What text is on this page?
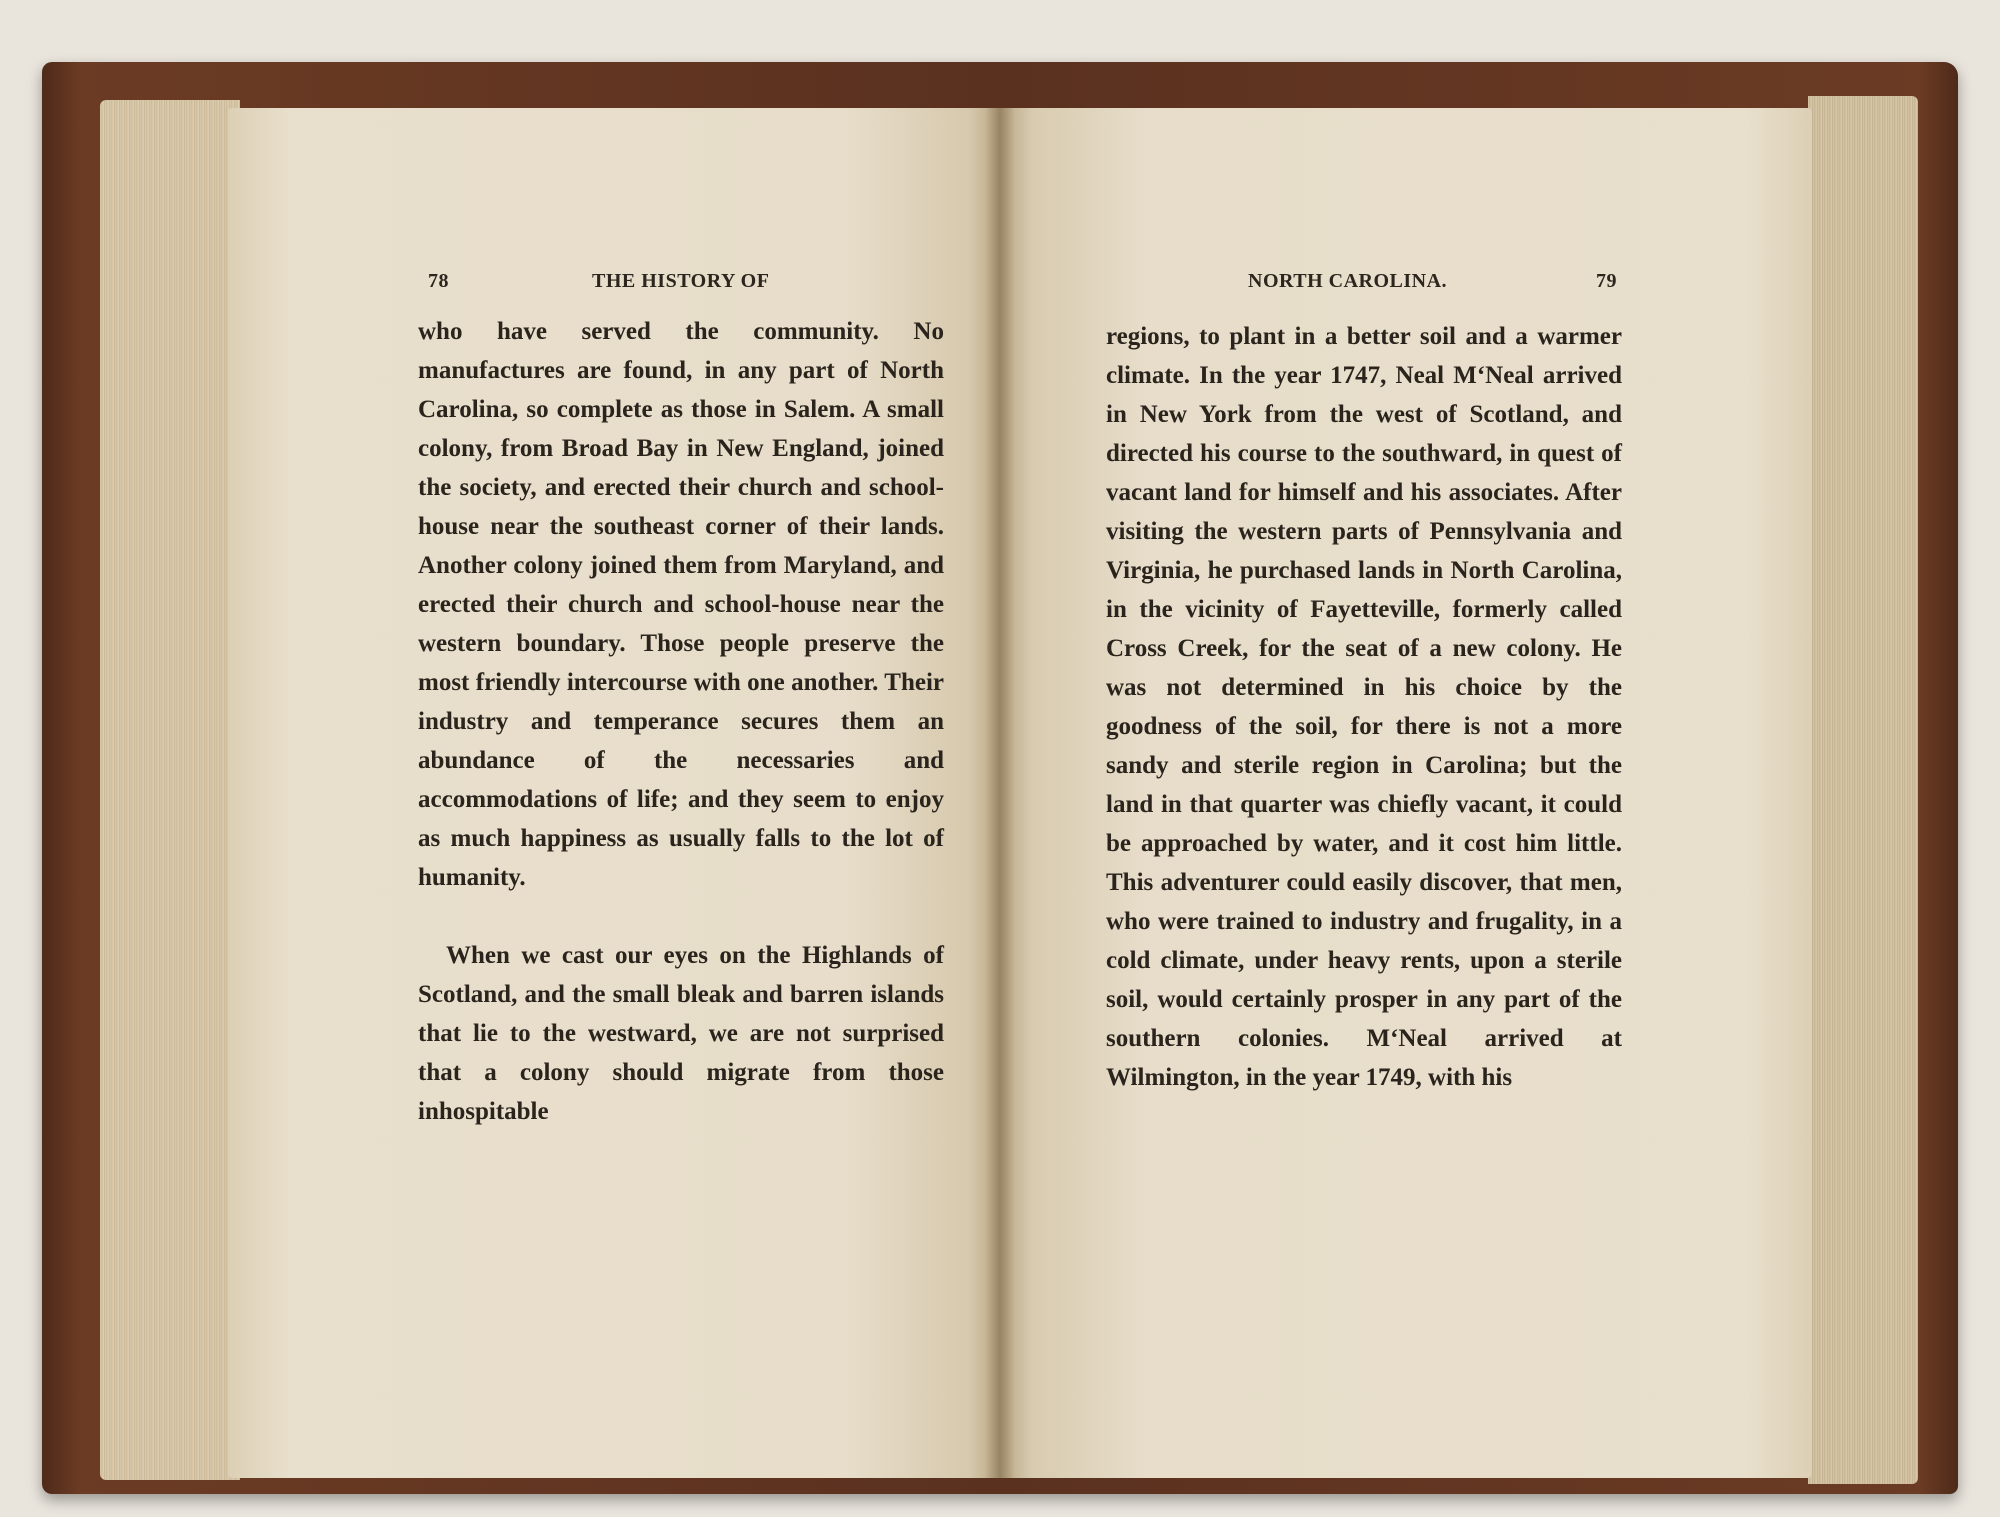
78	THE HISTORY OF

who have served the community. No manufactures are found, in any part of North Carolina, so complete as those in Salem. A small colony, from Broad Bay in New England, joined the society, and erected their church and school-house near the southeast corner of their lands. Another colony joined them from Maryland, and erected their church and school-house near the western boundary. Those people preserve the most friendly intercourse with one another. Their industry and temperance secures them an abundance of the necessaries and accommodations of life; and they seem to enjoy as much happiness as usually falls to the lot of humanity.

When we cast our eyes on the Highlands of Scotland, and the small bleak and barren islands that lie to the westward, we are not surprised that a colony should migrate from those inhospitable

NORTH CAROLINA.	79

regions, to plant in a better soil and a warmer climate. In the year 1747, Neal M‘Neal arrived in New York from the west of Scotland, and directed his course to the southward, in quest of vacant land for himself and his associates. After visiting the western parts of Pennsylvania and Virginia, he purchased lands in North Carolina, in the vicinity of Fayetteville, formerly called Cross Creek, for the seat of a new colony. He was not determined in his choice by the goodness of the soil, for there is not a more sandy and sterile region in Carolina; but the land in that quarter was chiefly vacant, it could be approached by water, and it cost him little. This adventurer could easily discover, that men, who were trained to industry and frugality, in a cold climate, under heavy rents, upon a sterile soil, would certainly prosper in any part of the southern colonies. M‘Neal arrived at Wilmington, in the year 1749, with his
